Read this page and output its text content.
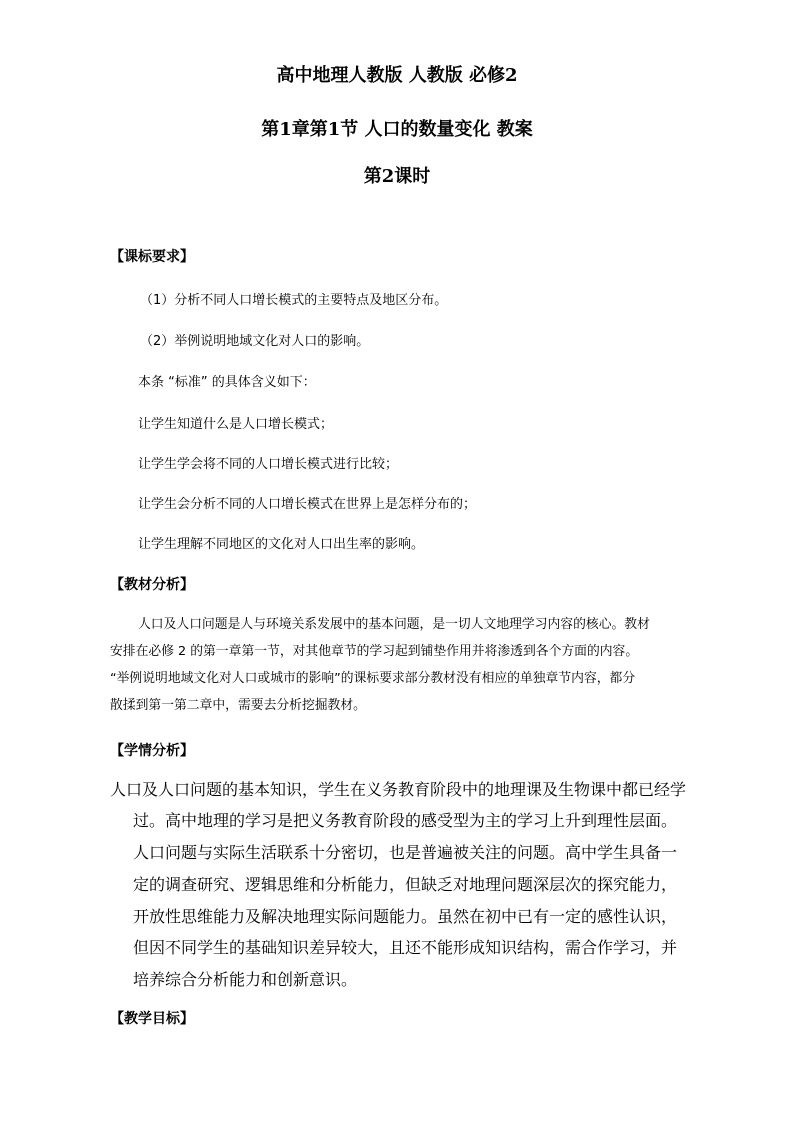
高中地理人教版 人教版 必修2
第1章第1节 人口的数量变化 教案
第2课时
【课标要求】

（1）分析不同人口增长模式的主要特点及地区分布。

（2）举例说明地域文化对人口的影响。

本条 “标准” 的具体含义如下：

让学生知道什么是人口增长模式；

让学生学会将不同的人口增长模式进行比较；

让学生会分析不同的人口增长模式在世界上是怎样分布的；

让学生理解不同地区的文化对人口出生率的影响。

【教材分析】

人口及人口问题是人与环境关系发展中的基本问题，是一切人文地理学习内容的核心。教材

安排在必修 2 的第一章第一节，对其他章节的学习起到铺垫作用并将渗透到各个方面的内容。

“举例说明地域文化对人口或城市的影响”的课标要求部分教材没有相应的单独章节内容，都分

散揉到第一第二章中，需要去分析挖掘教材。

【学情分析】

人口及人口问题的基本知识，学生在义务教育阶段中的地理课及生物课中都已经学

过。高中地理的学习是把义务教育阶段的感受型为主的学习上升到理性层面。

人口问题与实际生活联系十分密切，也是普遍被关注的问题。高中学生具备一

定的调查研究、逻辑思维和分析能力，但缺乏对地理问题深层次的探究能力，

开放性思维能力及解决地理实际问题能力。虽然在初中已有一定的感性认识，

但因不同学生的基础知识差异较大，且还不能形成知识结构，需合作学习，并

培养综合分析能力和创新意识。

【教学目标】
